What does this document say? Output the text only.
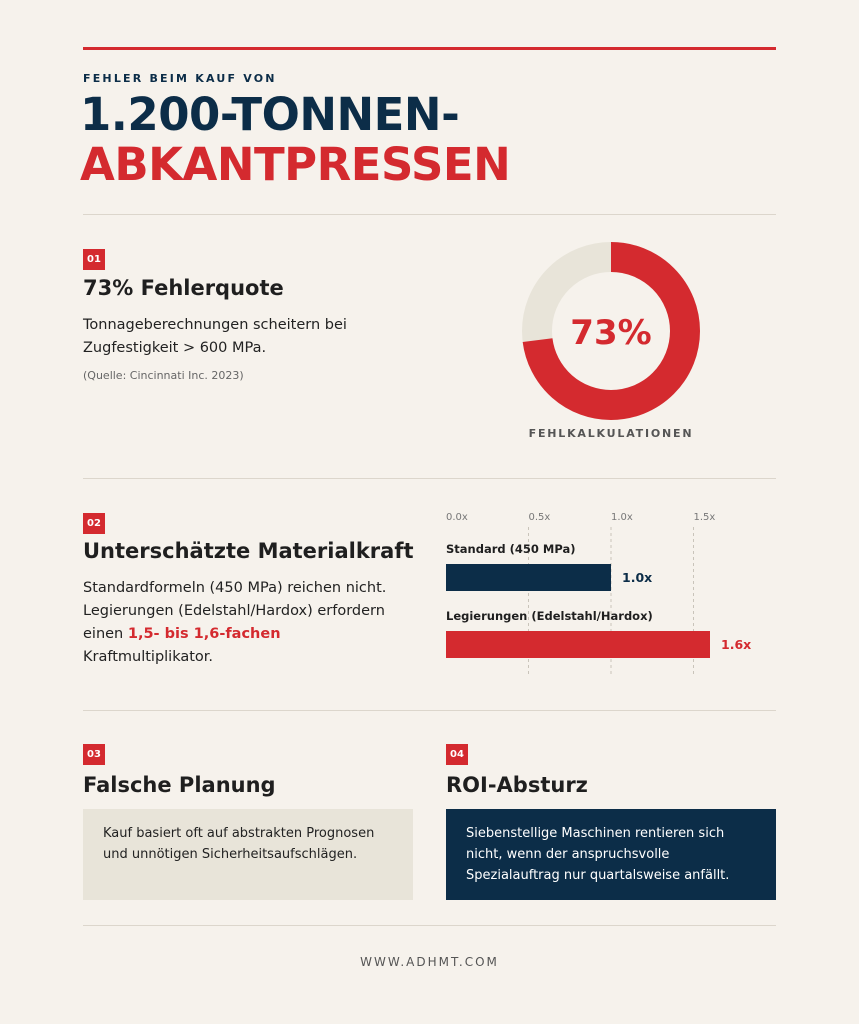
FEHLER BEIM KAUF VON
1.200-TONNEN-
ABKANTPRESSEN
01
73% Fehlerquote
Tonnageberechnungen scheitern bei Zugfestigkeit > 600 MPa.
(Quelle: Cincinnati Inc. 2023)
73%
FEHLKALKULATIONEN
02
Unterschätzte Materialkraft
Standardformeln (450 MPa) reichen nicht. Legierungen (Edelstahl/Hardox) erfordern einen 1,5- bis 1,6-fachen Kraftmultiplikator.
0.0x	0.5x	1.0x	1.5x
Standard (450 MPa)
1.0x
Legierungen (Edelstahl/Hardox)
1.6x
03
Falsche Planung
Kauf basiert oft auf abstrakten Prognosen und unnötigen Sicherheitsaufschlägen.
04
ROI-Absturz
Siebenstellige Maschinen rentieren sich nicht, wenn der anspruchsvolle Spezialauftrag nur quartalsweise anfällt.
WWW.ADHMT.COM
